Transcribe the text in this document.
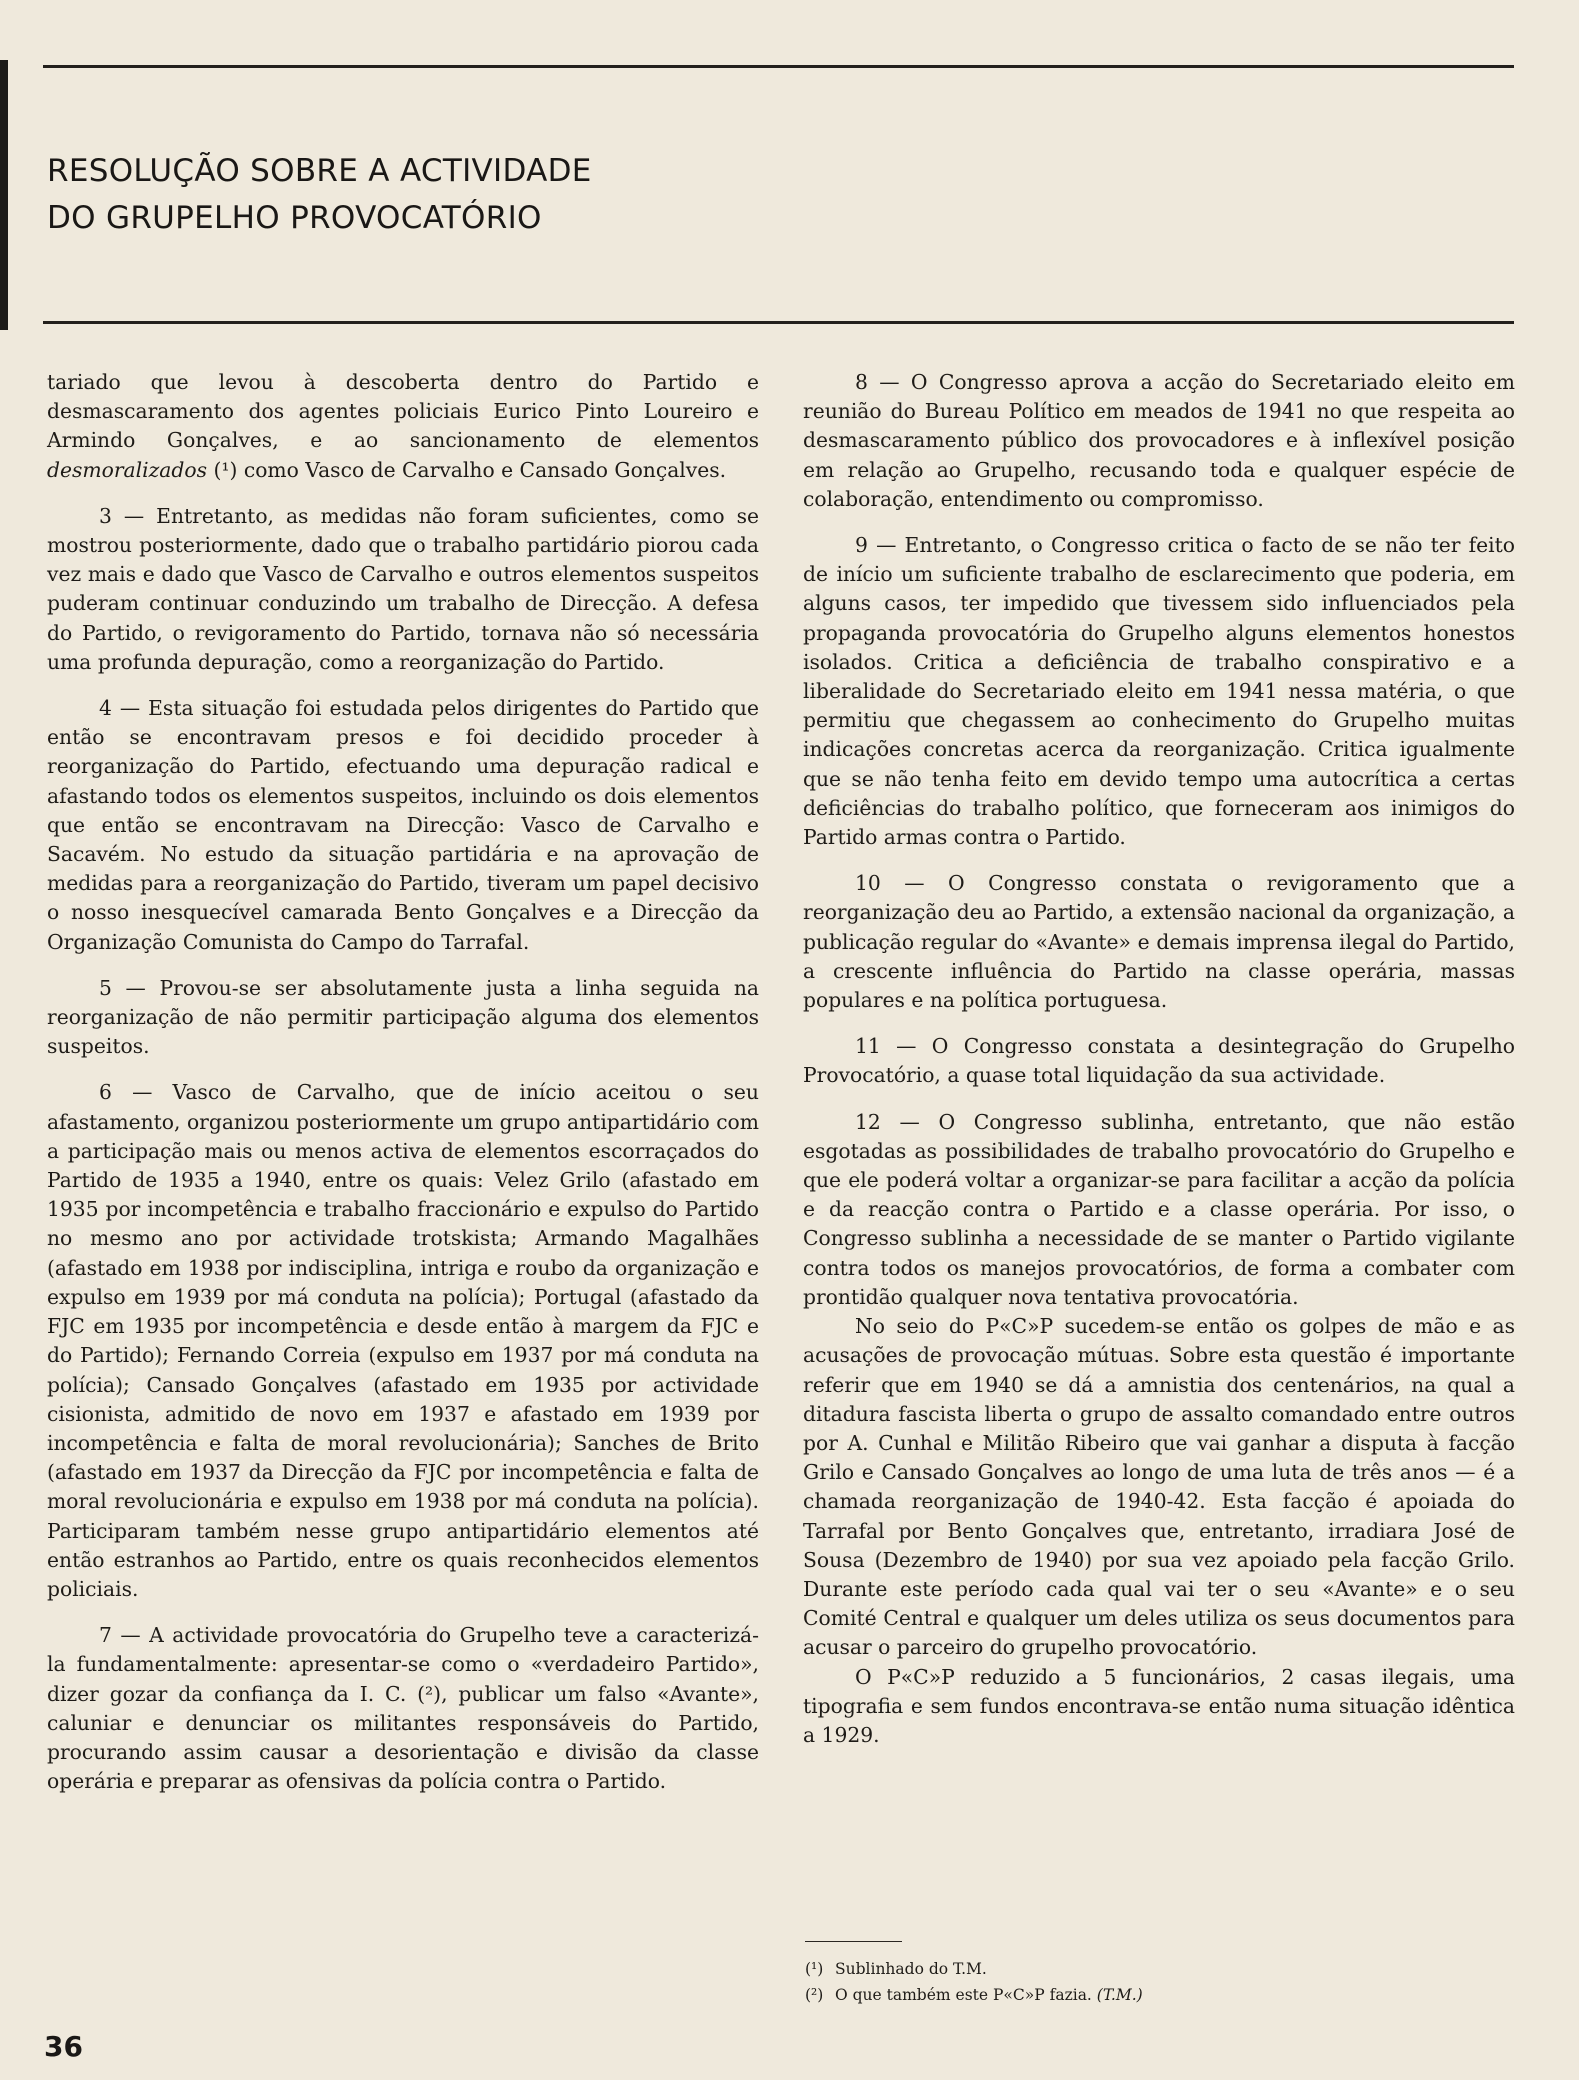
RESOLUÇÃO SOBRE A ACTIVIDADE
DO GRUPELHO PROVOCATÓRIO

tariado que levou à descoberta dentro do Partido e desmascaramento dos agentes policiais Eurico Pinto Loureiro e Armindo Gonçalves, e ao sancionamento de elementos desmoralizados (¹) como Vasco de Carvalho e Cansado Gonçalves.

3 — Entretanto, as medidas não foram suficientes, como se mostrou posteriormente, dado que o trabalho partidário piorou cada vez mais e dado que Vasco de Carvalho e outros elementos suspeitos puderam continuar conduzindo um trabalho de Direcção. A defesa do Partido, o revigoramento do Partido, tornava não só necessária uma profunda depuração, como a reorganização do Partido.

4 — Esta situação foi estudada pelos dirigentes do Partido que então se encontravam presos e foi decidido proceder à reorganização do Partido, efectuando uma depuração radical e afastando todos os elementos suspeitos, incluindo os dois elementos que então se encontravam na Direcção: Vasco de Carvalho e Sacavém. No estudo da situação partidária e na aprovação de medidas para a reorganização do Partido, tiveram um papel decisivo o nosso inesquecível camarada Bento Gonçalves e a Direcção da Organização Comunista do Campo do Tarrafal.

5 — Provou-se ser absolutamente justa a linha seguida na reorganização de não permitir participação alguma dos elementos suspeitos.

6 — Vasco de Carvalho, que de início aceitou o seu afastamento, organizou posteriormente um grupo antipartidário com a participação mais ou menos activa de elementos escorraçados do Partido de 1935 a 1940, entre os quais: Velez Grilo (afastado em 1935 por incompetência e trabalho fraccionário e expulso do Partido no mesmo ano por actividade trotskista; Armando Magalhães (afastado em 1938 por indisciplina, intriga e roubo da organização e expulso em 1939 por má conduta na polícia); Portugal (afastado da FJC em 1935 por incompetência e desde então à margem da FJC e do Partido); Fernando Correia (expulso em 1937 por má conduta na polícia); Cansado Gonçalves (afastado em 1935 por actividade cisionista, admitido de novo em 1937 e afastado em 1939 por incompetência e falta de moral revolucionária); Sanches de Brito (afastado em 1937 da Direcção da FJC por incompetência e falta de moral revolucionária e expulso em 1938 por má conduta na polícia). Participaram também nesse grupo antipartidário elementos até então estranhos ao Partido, entre os quais reconhecidos elementos policiais.

7 — A actividade provocatória do Grupelho teve a caracterizá-la fundamentalmente: apresentar-se como o «verdadeiro Partido», dizer gozar da confiança da I. C. (²), publicar um falso «Avante», caluniar e denunciar os militantes responsáveis do Partido, procurando assim causar a desorientação e divisão da classe operária e preparar as ofensivas da polícia contra o Partido.

8 — O Congresso aprova a acção do Secretariado eleito em reunião do Bureau Político em meados de 1941 no que respeita ao desmascaramento público dos provocadores e à inflexível posição em relação ao Grupelho, recusando toda e qualquer espécie de colaboração, entendimento ou compromisso.

9 — Entretanto, o Congresso critica o facto de se não ter feito de início um suficiente trabalho de esclarecimento que poderia, em alguns casos, ter impedido que tivessem sido influenciados pela propaganda provocatória do Grupelho alguns elementos honestos isolados. Critica a deficiência de trabalho conspirativo e a liberalidade do Secretariado eleito em 1941 nessa matéria, o que permitiu que chegassem ao conhecimento do Grupelho muitas indicações concretas acerca da reorganização. Critica igualmente que se não tenha feito em devido tempo uma autocrítica a certas deficiências do trabalho político, que forneceram aos inimigos do Partido armas contra o Partido.

10 — O Congresso constata o revigoramento que a reorganização deu ao Partido, a extensão nacional da organização, a publicação regular do «Avante» e demais imprensa ilegal do Partido, a crescente influência do Partido na classe operária, massas populares e na política portuguesa.

11 — O Congresso constata a desintegração do Grupelho Provocatório, a quase total liquidação da sua actividade.

12 — O Congresso sublinha, entretanto, que não estão esgotadas as possibilidades de trabalho provocatório do Grupelho e que ele poderá voltar a organizar-se para facilitar a acção da polícia e da reacção contra o Partido e a classe operária. Por isso, o Congresso sublinha a necessidade de se manter o Partido vigilante contra todos os manejos provocatórios, de forma a combater com prontidão qualquer nova tentativa provocatória.

No seio do P«C»P sucedem-se então os golpes de mão e as acusações de provocação mútuas. Sobre esta questão é importante referir que em 1940 se dá a amnistia dos centenários, na qual a ditadura fascista liberta o grupo de assalto comandado entre outros por A. Cunhal e Militão Ribeiro que vai ganhar a disputa à facção Grilo e Cansado Gonçalves ao longo de uma luta de três anos — é a chamada reorganização de 1940-42. Esta facção é apoiada do Tarrafal por Bento Gonçalves que, entretanto, irradiara José de Sousa (Dezembro de 1940) por sua vez apoiado pela facção Grilo. Durante este período cada qual vai ter o seu «Avante» e o seu Comité Central e qualquer um deles utiliza os seus documentos para acusar o parceiro do grupelho provocatório.

O P«C»P reduzido a 5 funcionários, 2 casas ilegais, uma tipografia e sem fundos encontrava-se então numa situação idêntica a 1929.

(¹) Sublinhado do T.M.
(²) O que também este P«C»P fazia. (T.M.)
36
